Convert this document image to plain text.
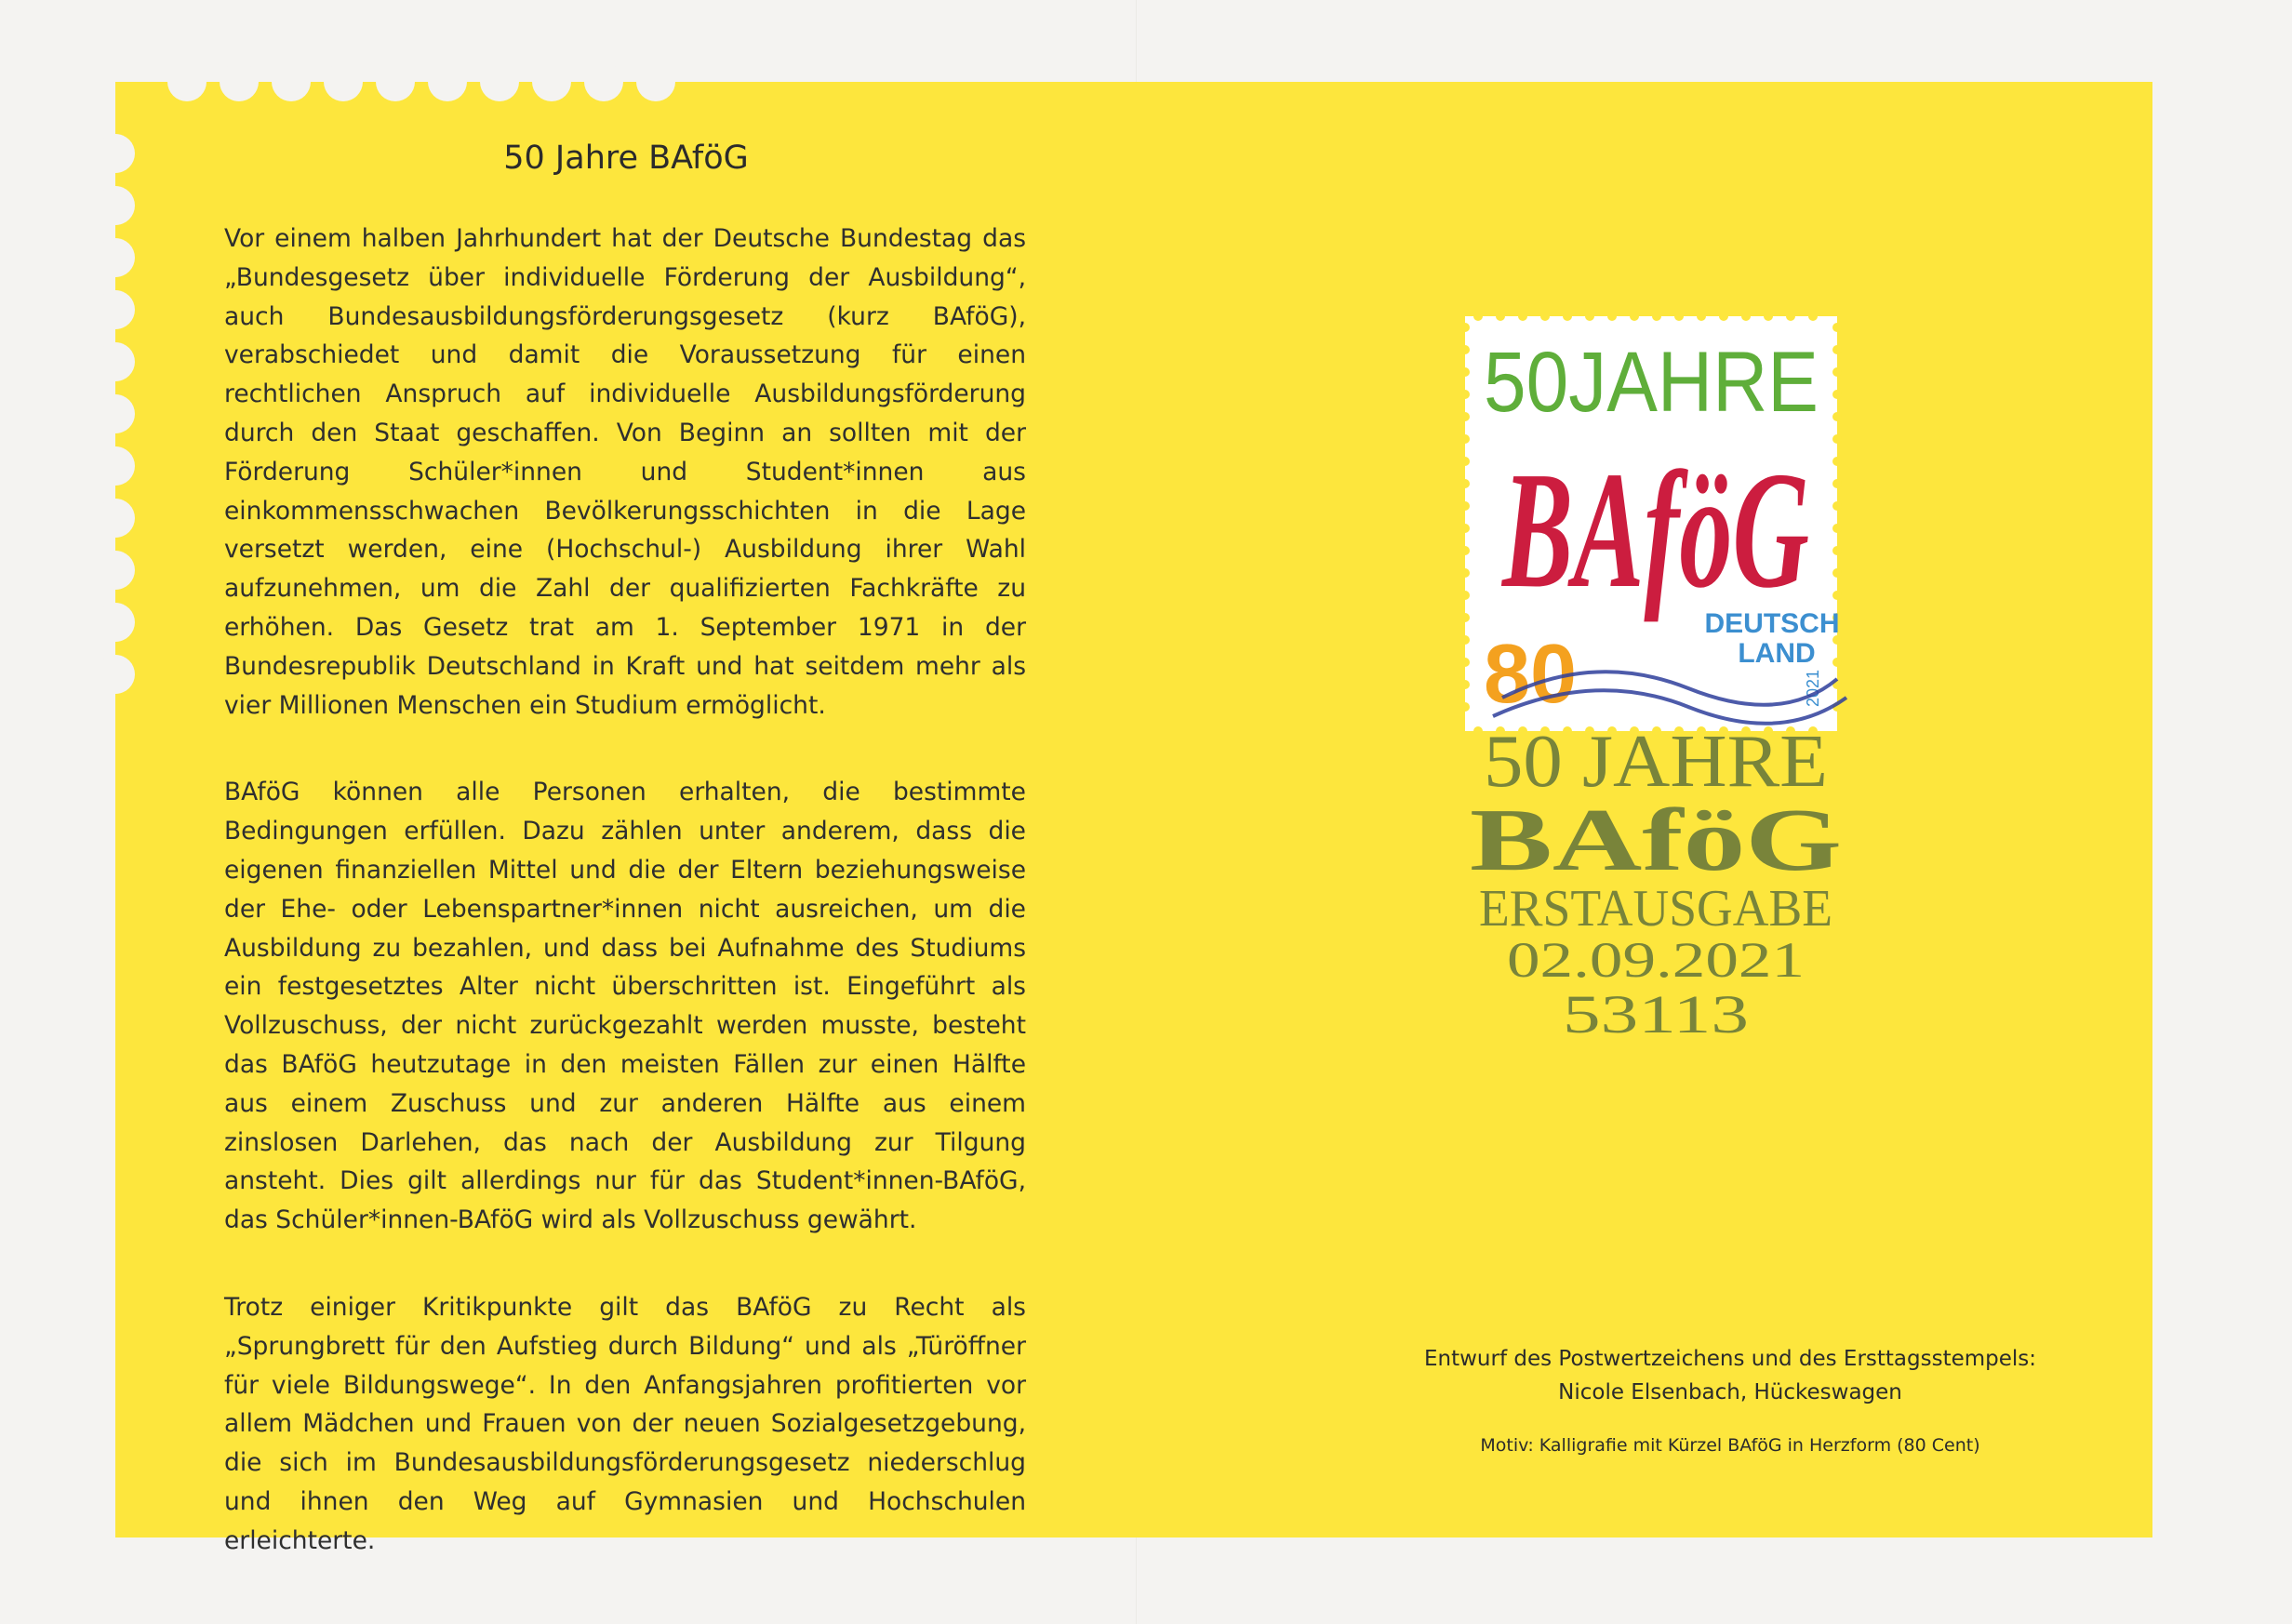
50 Jahre BAföG

Vor einem halben Jahrhundert hat der Deutsche Bundestag das „Bundesgesetz über individuelle Förderung der Ausbildung“, auch Bundesausbildungsförderungsgesetz (kurz BAföG), verabschiedet und damit die Voraussetzung für einen rechtlichen Anspruch auf individuelle Ausbildungsförderung durch den Staat geschaffen. Von Beginn an sollten mit der Förderung Schüler*innen und Student*innen aus einkommensschwachen Bevölkerungsschichten in die Lage versetzt werden, eine (Hochschul-) Ausbildung ihrer Wahl aufzunehmen, um die Zahl der qualifizierten Fachkräfte zu erhöhen. Das Gesetz trat am 1. September 1971 in der Bundesrepublik Deutschland in Kraft und hat seitdem mehr als vier Millionen Menschen ein Studium ermöglicht.

BAföG können alle Personen erhalten, die bestimmte Bedingungen erfüllen. Dazu zählen unter anderem, dass die eigenen finanziellen Mittel und die der Eltern beziehungsweise der Ehe- oder Lebenspartner*innen nicht ausreichen, um die Ausbildung zu bezahlen, und dass bei Aufnahme des Studiums ein festgesetztes Alter nicht überschritten ist. Eingeführt als Vollzuschuss, der nicht zurückgezahlt werden musste, besteht das BAföG heutzutage in den meisten Fällen zur einen Hälfte aus einem Zuschuss und zur anderen Hälfte aus einem zinslosen Darlehen, das nach der Ausbildung zur Tilgung ansteht. Dies gilt allerdings nur für das Student*innen-BAföG, das Schüler*innen-BAföG wird als Vollzuschuss gewährt.

Trotz einiger Kritikpunkte gilt das BAföG zu Recht als „Sprungbrett für den Aufstieg durch Bildung“ und als „Türöffner für viele Bildungswege“. In den Anfangsjahren profitierten vor allem Mädchen und Frauen von der neuen Sozialgesetzgebung, die sich im Bundesausbildungsförderungsgesetz niederschlug und ihnen den Weg auf Gymnasien und Hochschulen erleichterte.

50JAHRE
BAföG
80
DEUTSCH
LAND
2021
50 JAHRE
BAföG
ERSTAUSGABE
02.09.2021
53113
Entwurf des Postwertzeichens und des Ersttagsstempels:
Nicole Elsenbach, Hückeswagen
Motiv: Kalligrafie mit Kürzel BAföG in Herzform (80 Cent)
